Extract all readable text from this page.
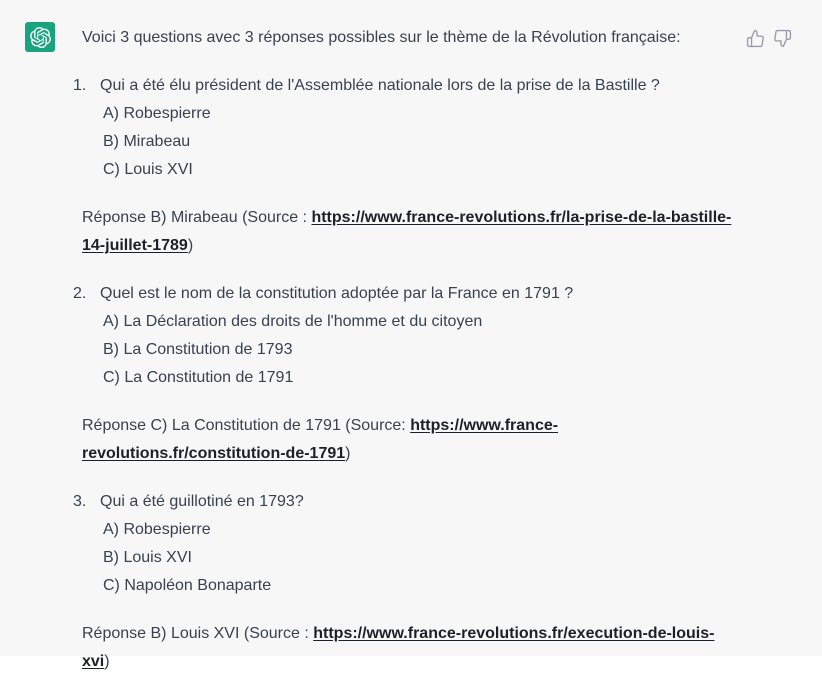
Voici 3 questions avec 3 réponses possibles sur le thème de la Révolution française:

1. Qui a été élu président de l'Assemblée nationale lors de la prise de la Bastille ?
A) Robespierre
B) Mirabeau
C) Louis XVI

Réponse B) Mirabeau (Source : https://www.france-revolutions.fr/la-prise-de-la-bastille-14-juillet-1789)

2. Quel est le nom de la constitution adoptée par la France en 1791 ?
A) La Déclaration des droits de l'homme et du citoyen
B) La Constitution de 1793
C) La Constitution de 1791

Réponse C) La Constitution de 1791 (Source: https://www.france-revolutions.fr/constitution-de-1791)

3. Qui a été guillotiné en 1793?
A) Robespierre
B) Louis XVI
C) Napoléon Bonaparte

Réponse B) Louis XVI (Source : https://www.france-revolutions.fr/execution-de-louis-xvi)
